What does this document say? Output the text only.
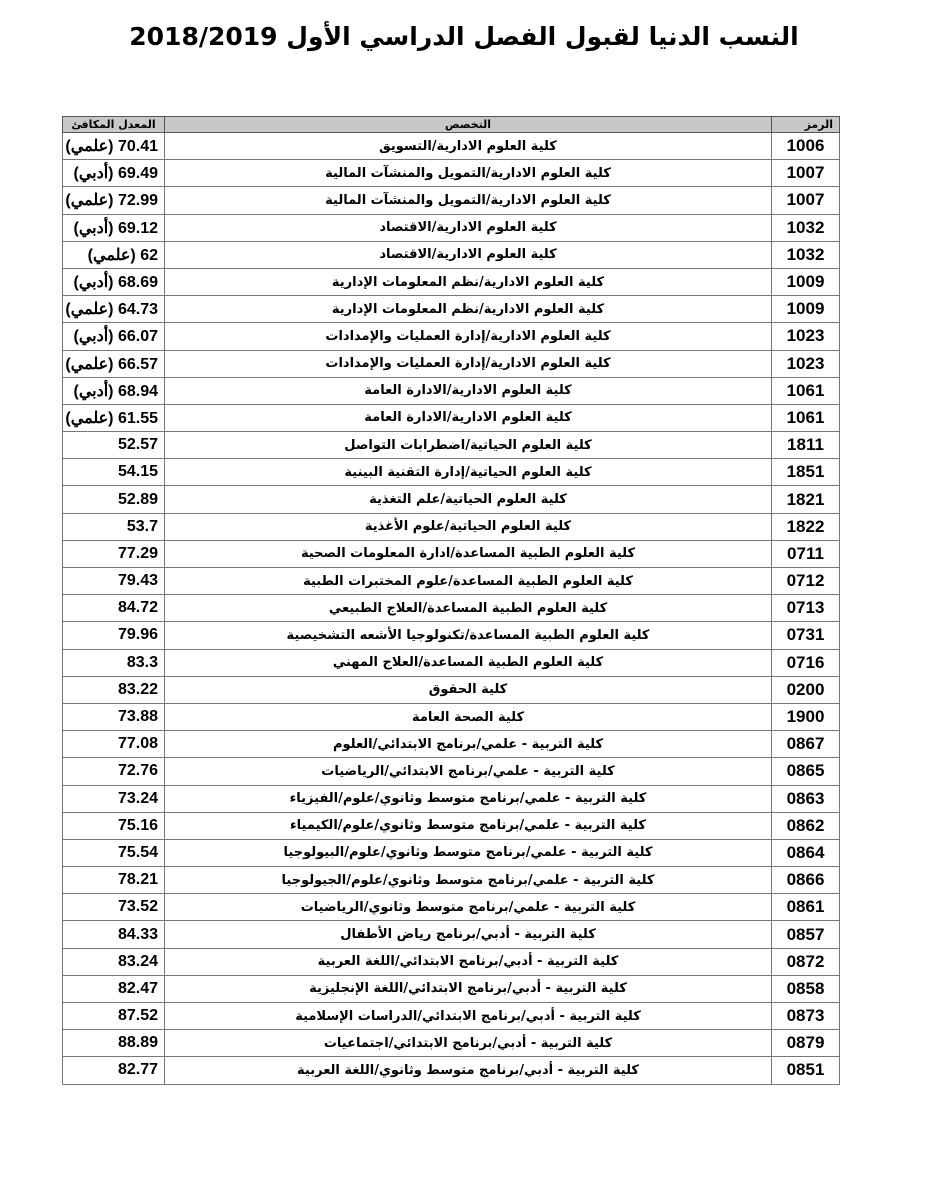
النسب الدنيا لقبول الفصل الدراسي الأول 2018/2019
الرمز	التخصص	المعدل المكافئ
1006	كلية العلوم الادارية/التسويق	70.41 (علمي)
1007	كلية العلوم الادارية/التمويل والمنشآت المالية	69.49 (أدبي)
1007	كلية العلوم الادارية/التمويل والمنشآت المالية	72.99 (علمي)
1032	كلية العلوم الادارية/الاقتصاد	69.12 (أدبي)
1032	كلية العلوم الادارية/الاقتصاد	62 (علمي)
1009	كلية العلوم الادارية/نظم المعلومات الإدارية	68.69 (أدبي)
1009	كلية العلوم الادارية/نظم المعلومات الإدارية	64.73 (علمي)
1023	كلية العلوم الادارية/إدارة العمليات والإمدادات	66.07 (أدبي)
1023	كلية العلوم الادارية/إدارة العمليات والإمدادات	66.57 (علمي)
1061	كلية العلوم الادارية/الادارة العامة	68.94 (أدبي)
1061	كلية العلوم الادارية/الادارة العامة	61.55 (علمي)
1811	كلية العلوم الحياتية/اضطرابات التواصل	52.57
1851	كلية العلوم الحياتية/إدارة التقنية البينية	54.15
1821	كلية العلوم الحياتية/علم التغذية	52.89
1822	كلية العلوم الحياتية/علوم الأغذية	53.7
0711	كلية العلوم الطبية المساعدة/ادارة المعلومات الصحية	77.29
0712	كلية العلوم الطبية المساعدة/علوم المختبرات الطبية	79.43
0713	كلية العلوم الطبية المساعدة/العلاج الطبيعي	84.72
0731	كلية العلوم الطبية المساعدة/تكنولوجيا الأشعه التشخيصية	79.96
0716	كلية العلوم الطبية المساعدة/العلاج المهني	83.3
0200	كلية الحقوق	83.22
1900	كلية الصحة العامة	73.88
0867	كلية التربية - علمي/برنامج الابتدائي/العلوم	77.08
0865	كلية التربية - علمي/برنامج الابتدائي/الرياضيات	72.76
0863	كلية التربية - علمي/برنامج متوسط وثانوي/علوم/الفيزياء	73.24
0862	كلية التربية - علمي/برنامج متوسط وثانوي/علوم/الكيمياء	75.16
0864	كلية التربية - علمي/برنامج متوسط وثانوي/علوم/البيولوجيا	75.54
0866	كلية التربية - علمي/برنامج متوسط وثانوي/علوم/الجيولوجيا	78.21
0861	كلية التربية - علمي/برنامج متوسط وثانوي/الرياضيات	73.52
0857	كلية التربية - أدبي/برنامج رياض الأطفال	84.33
0872	كلية التربية - أدبي/برنامج الابتدائي/اللغة العربية	83.24
0858	كلية التربية - أدبي/برنامج الابتدائي/اللغة الإنجليزية	82.47
0873	كلية التربية - أدبي/برنامج الابتدائي/الدراسات الإسلامية	87.52
0879	كلية التربية - أدبي/برنامج الابتدائي/اجتماعيات	88.89
0851	كلية التربية - أدبي/برنامج متوسط وثانوي/اللغة العربية	82.77
